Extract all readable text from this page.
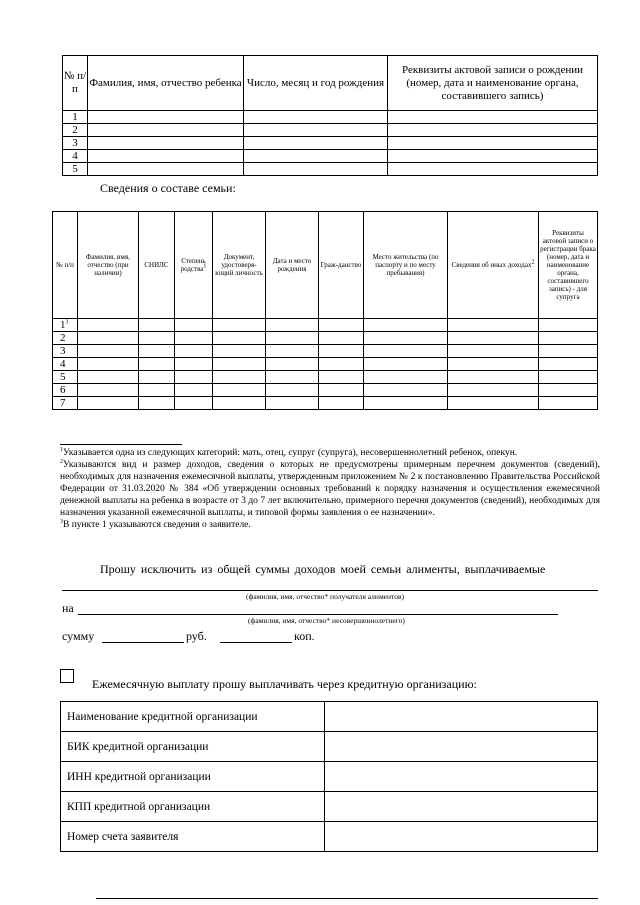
№ п/п	Фамилия, имя, отчество ребенка	Число, месяц и год рождения	Реквизиты актовой записи о рождении (номер, дата и наименование органа, составившего запись)
1			
2			
3			
4			
5			
Сведения о составе семьи:
№ п/п	Фамилия, имя, отчество (при наличии)	СНИЛС	Степень родства$^1$	Документ, удостоверя-ющий личность	Дата и место рождения	Граж-данство	Место жительства (по паспорту и по месту пребывания)	Сведения об иных доходах$^2$	Реквизиты актовой записи о регистрации брака (номер, дата и наименование органа, составившего запись) - для супруга
$1^3$									
2									
3									
4									
5									
6									
7									

$^1$Указывается одна из следующих категорий: мать, отец, супруг (супруга), несовершеннолетний ребенок, опекун.

$^2$Указываются вид и размер доходов, сведения о которых не предусмотрены примерным перечнем документов (сведений), необходимых для назначения ежемесячной выплаты, утвержденным приложением № 2 к постановлению Правительства Российской Федерации от 31.03.2020 № 384 «Об утверждении основных требований к порядку назначения и осуществления ежемесячной денежной выплаты на ребенка в возрасте от 3 до 7 лет включительно, примерного перечня документов (сведений), необходимых для назначения указанной ежемесячной выплаты, и типовой формы заявления о ее назначении».

$^3$В пункте 1 указываются сведения о заявителе.

Прошу исключить из общей суммы доходов моей семьи алименты, выплачиваемые
(фамилия, имя, отчество* получателя алиментов)
на
(фамилия, имя, отчество* несовершеннолетнего)
сумму	руб.	коп.
Ежемесячную выплату прошу выплачивать через кредитную организацию:
Наименование кредитной организации	
БИК кредитной организации	
ИНН кредитной организации	
КПП кредитной организации	
Номер счета заявителя	
